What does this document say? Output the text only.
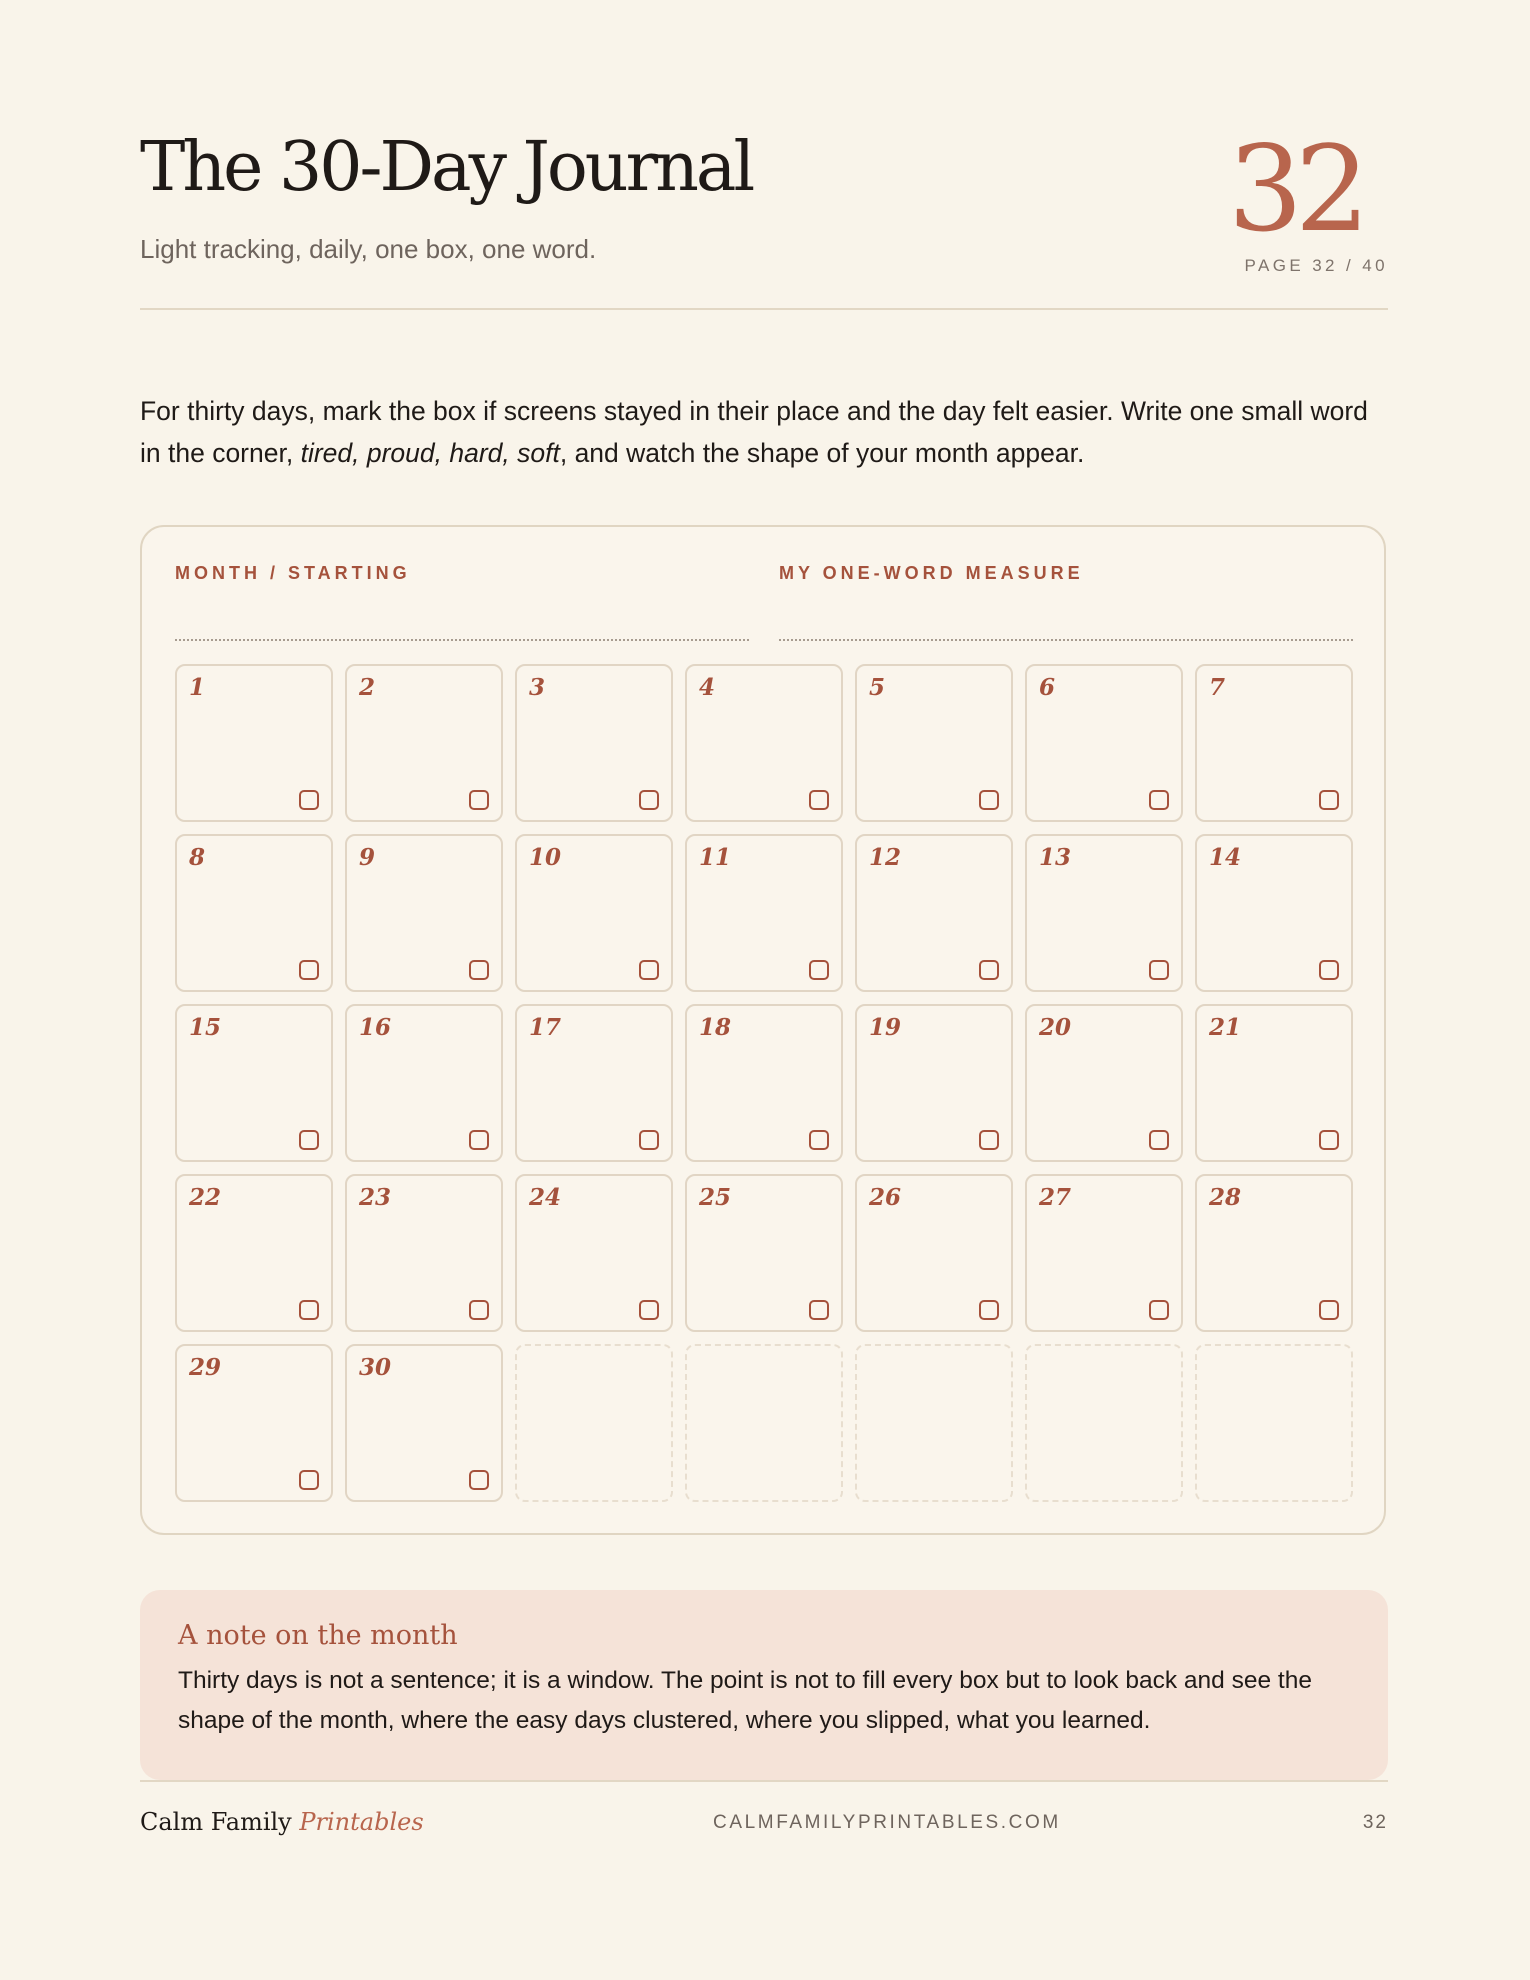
The 30-Day Journal
Light tracking, daily, one box, one word.	32
PAGE 32 / 40
For thirty days, mark the box if screens stayed in their place and the day felt easier. Write one small word in the corner, tired, proud, hard, soft, and watch the shape of your month appear.
MONTH / STARTING	MY ONE-WORD MEASURE
1	2	3	4	5	6	7
8	9	10	11	12	13	14
15	16	17	18	19	20	21
22	23	24	25	26	27	28
29	30
A note on the month

Thirty days is not a sentence; it is a window. The point is not to fill every box but to look back and see the shape of the month, where the easy days clustered, where you slipped, what you learned.

Calm Family Printables	CALMFAMILYPRINTABLES.COM	32
